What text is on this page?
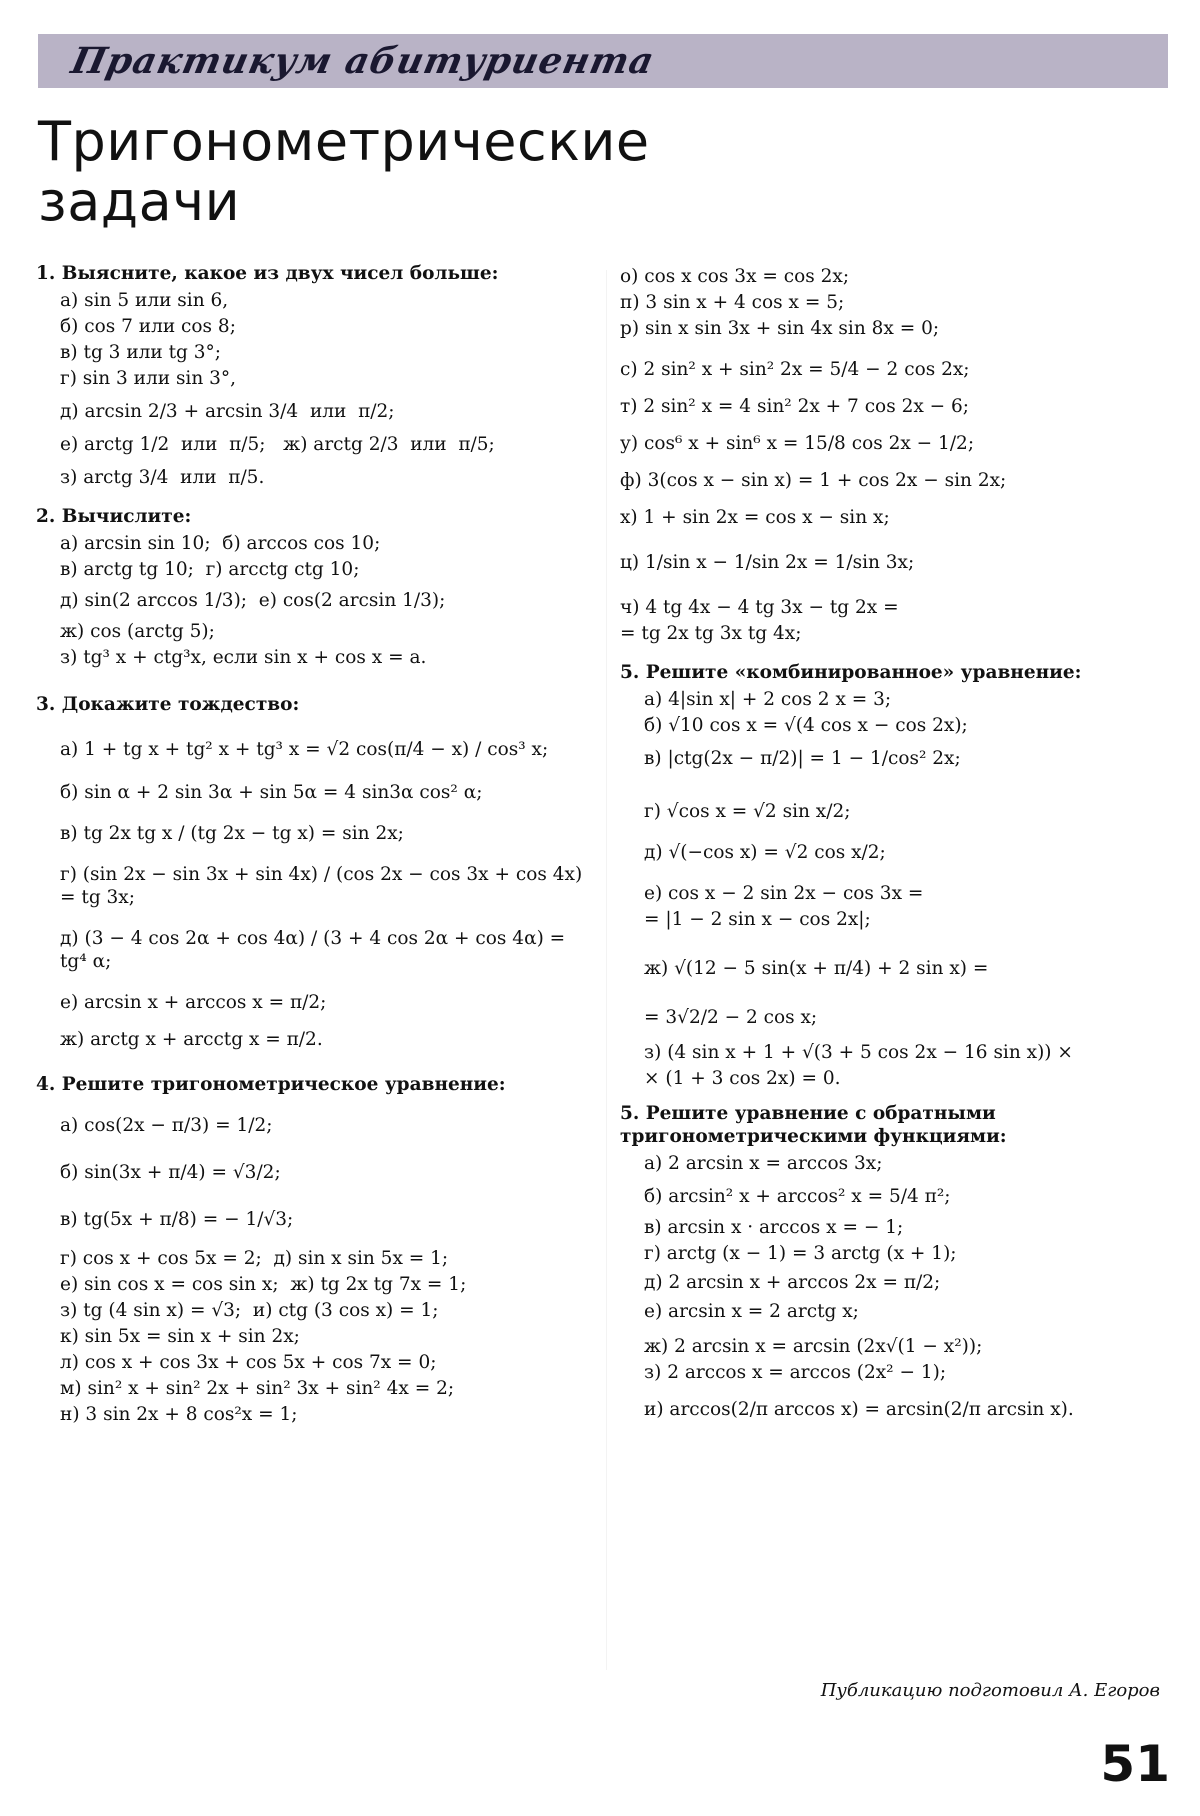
Практикум абитуриента
Тригонометрические
задачи
1. Выясните, какое из двух чисел больше:
а) sin 5 или sin 6,
б) cos 7 или cos 8;
в) tg 3 или tg 3°;
г) sin 3 или sin 3°,
д) arcsin 2/3 + arcsin 3/4  или  π/2;
е) arctg 1/2  или  π/5;   ж) arctg 2/3  или  π/5;
з) arctg 3/4  или  π/5.
2. Вычислите:
а) arcsin sin 10;  б) arccos cos 10;
в) arctg tg 10;  г) arcctg ctg 10;
д) sin(2 arccos 1/3);  е) cos(2 arcsin 1/3);
ж) cos (arctg 5);
з) tg³ x + ctg³x, если sin x + cos x = a.
3. Докажите тождество:
а) 1 + tg x + tg² x + tg³ x = √2 cos(π/4 − x) / cos³ x;
б) sin α + 2 sin 3α + sin 5α = 4 sin3α cos² α;
в) tg 2x tg x / (tg 2x − tg x) = sin 2x;
г) (sin 2x − sin 3x + sin 4x) / (cos 2x − cos 3x + cos 4x) = tg 3x;
д) (3 − 4 cos 2α + cos 4α) / (3 + 4 cos 2α + cos 4α) = tg⁴ α;
е) arcsin x + arccos x = π/2;
ж) arctg x + arcctg x = π/2.
4. Решите тригонометрическое уравнение:
а) cos(2x − π/3) = 1/2;
б) sin(3x + π/4) = √3/2;
в) tg(5x + π/8) = − 1/√3;
г) cos x + cos 5x = 2;  д) sin x sin 5x = 1;
е) sin cos x = cos sin x;  ж) tg 2x tg 7x = 1;
з) tg (4 sin x) = √3;  и) ctg (3 cos x) = 1;
к) sin 5x = sin x + sin 2x;
л) cos x + cos 3x + cos 5x + cos 7x = 0;
м) sin² x + sin² 2x + sin² 3x + sin² 4x = 2;
н) 3 sin 2x + 8 cos²x = 1;
о) cos x cos 3x = cos 2x;
п) 3 sin x + 4 cos x = 5;
р) sin x sin 3x + sin 4x sin 8x = 0;
с) 2 sin² x + sin² 2x = 5/4 − 2 cos 2x;
т) 2 sin² x = 4 sin² 2x + 7 cos 2x − 6;
у) cos⁶ x + sin⁶ x = 15/8 cos 2x − 1/2;
ф) 3(cos x − sin x) = 1 + cos 2x − sin 2x;
х) 1 + sin 2x = cos x − sin x;
ц) 1/sin x − 1/sin 2x = 1/sin 3x;
ч) 4 tg 4x − 4 tg 3x − tg 2x =
= tg 2x tg 3x tg 4x;
5. Решите «комбинированное» уравнение:
а) 4|sin x| + 2 cos 2 x = 3;
б) √10 cos x = √(4 cos x − cos 2x);
в) |ctg(2x − π/2)| = 1 − 1/cos² 2x;
г) √cos x = √2 sin x/2;
д) √(−cos x) = √2 cos x/2;
е) cos x − 2 sin 2x − cos 3x =
= |1 − 2 sin x − cos 2x|;
ж) √(12 − 5 sin(x + π/4) + 2 sin x) =
= 3√2/2 − 2 cos x;
з) (4 sin x + 1 + √(3 + 5 cos 2x − 16 sin x)) ×
× (1 + 3 cos 2x) = 0.
5. Решите уравнение с обратными тригонометрическими функциями:
а) 2 arcsin x = arccos 3x;
б) arcsin² x + arccos² x = 5/4 π²;
в) arcsin x · arccos x = − 1;
г) arctg (x − 1) = 3 arctg (x + 1);
д) 2 arcsin x + arccos 2x = π/2;
е) arcsin x = 2 arctg x;
ж) 2 arcsin x = arcsin (2x√(1 − x²));
з) 2 arccos x = arccos (2x² − 1);
и) arccos(2/π arccos x) = arcsin(2/π arcsin x).
Публикацию подготовил А. Егоров
51
